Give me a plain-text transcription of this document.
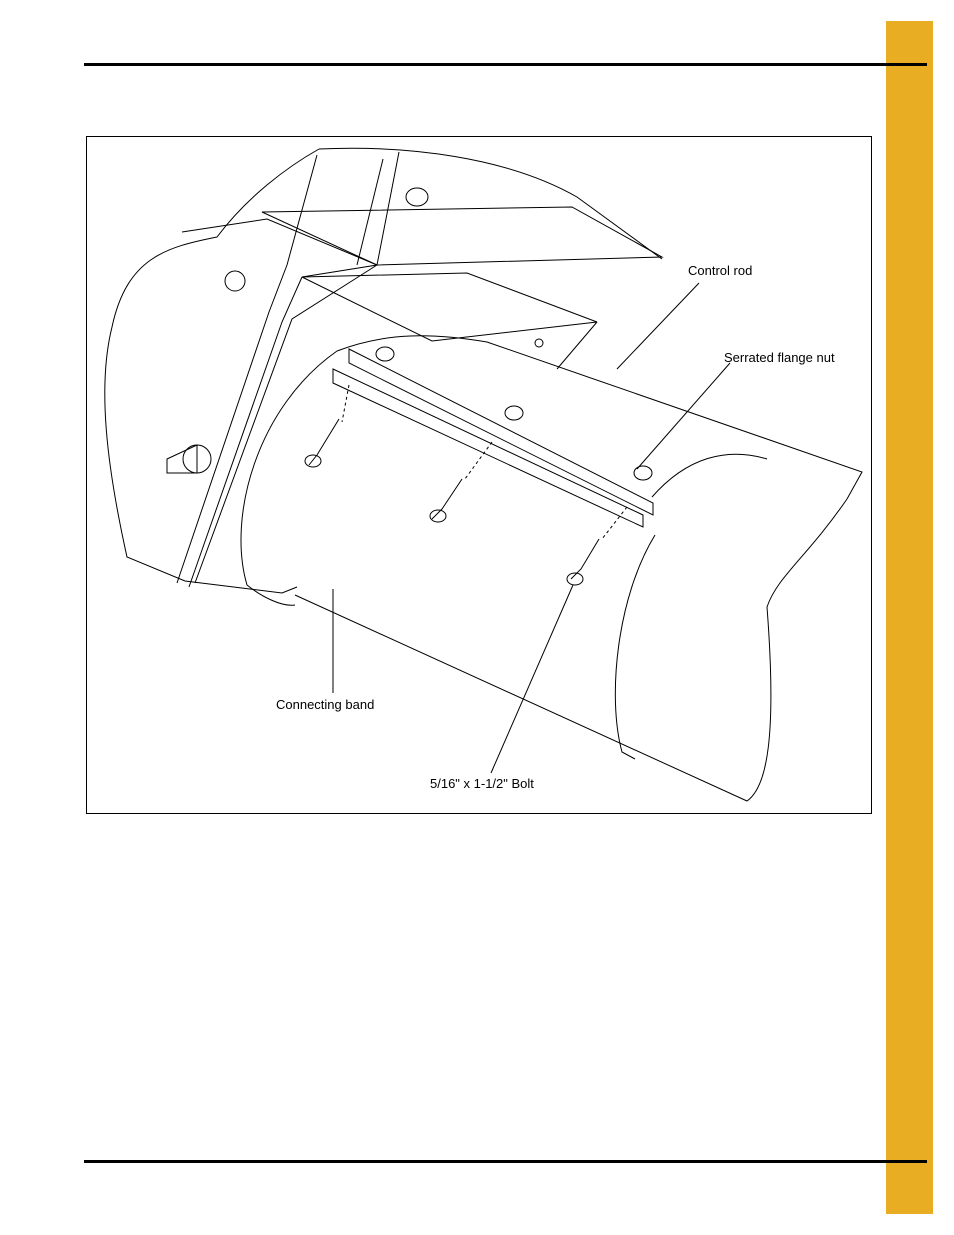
Control rod
Serrated flange nut
Connecting band
5/16" x 1-1/2" Bolt
